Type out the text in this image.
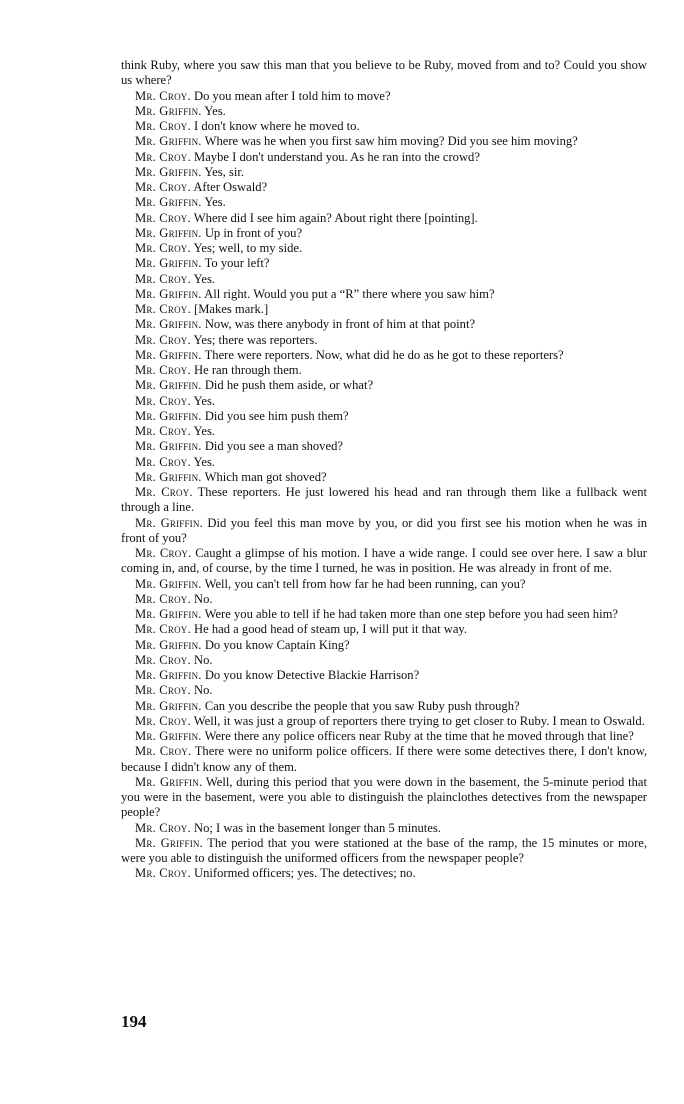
think Ruby, where you saw this man that you believe to be Ruby, moved from and to? Could you show us where?

Mr. Croy. Do you mean after I told him to move?

Mr. Griffin. Yes.

Mr. Croy. I don't know where he moved to.

Mr. Griffin. Where was he when you first saw him moving? Did you see him moving?

Mr. Croy. Maybe I don't understand you. As he ran into the crowd?

Mr. Griffin. Yes, sir.

Mr. Croy. After Oswald?

Mr. Griffin. Yes.

Mr. Croy. Where did I see him again? About right there [pointing].

Mr. Griffin. Up in front of you?

Mr. Croy. Yes; well, to my side.

Mr. Griffin. To your left?

Mr. Croy. Yes.

Mr. Griffin. All right. Would you put a “R” there where you saw him?

Mr. Croy. [Makes mark.]

Mr. Griffin. Now, was there anybody in front of him at that point?

Mr. Croy. Yes; there was reporters.

Mr. Griffin. There were reporters. Now, what did he do as he got to these reporters?

Mr. Croy. He ran through them.

Mr. Griffin. Did he push them aside, or what?

Mr. Croy. Yes.

Mr. Griffin. Did you see him push them?

Mr. Croy. Yes.

Mr. Griffin. Did you see a man shoved?

Mr. Croy. Yes.

Mr. Griffin. Which man got shoved?

Mr. Croy. These reporters. He just lowered his head and ran through them like a fullback went through a line.

Mr. Griffin. Did you feel this man move by you, or did you first see his motion when he was in front of you?

Mr. Croy. Caught a glimpse of his motion. I have a wide range. I could see over here. I saw a blur coming in, and, of course, by the time I turned, he was in position. He was already in front of me.

Mr. Griffin. Well, you can't tell from how far he had been running, can you?

Mr. Croy. No.

Mr. Griffin. Were you able to tell if he had taken more than one step before you had seen him?

Mr. Croy. He had a good head of steam up, I will put it that way.

Mr. Griffin. Do you know Captain King?

Mr. Croy. No.

Mr. Griffin. Do you know Detective Blackie Harrison?

Mr. Croy. No.

Mr. Griffin. Can you describe the people that you saw Ruby push through?

Mr. Croy. Well, it was just a group of reporters there trying to get closer to Ruby. I mean to Oswald.

Mr. Griffin. Were there any police officers near Ruby at the time that he moved through that line?

Mr. Croy. There were no uniform police officers. If there were some detectives there, I don't know, because I didn't know any of them.

Mr. Griffin. Well, during this period that you were down in the basement, the 5-minute period that you were in the basement, were you able to distinguish the plainclothes detectives from the newspaper people?

Mr. Croy. No; I was in the basement longer than 5 minutes.

Mr. Griffin. The period that you were stationed at the base of the ramp, the 15 minutes or more, were you able to distinguish the uniformed officers from the newspaper people?

Mr. Croy. Uniformed officers; yes. The detectives; no.

194
